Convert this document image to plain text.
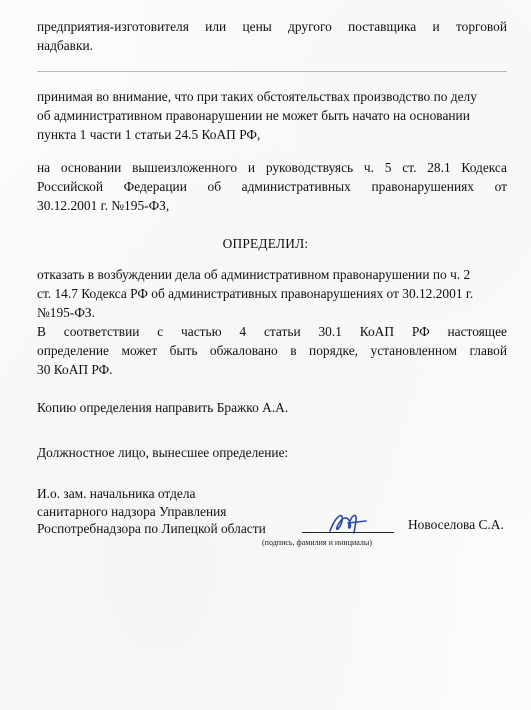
предприятия-изготовителя или цены другого поставщика и торговой
надбавки.

принимая во внимание, что при таких обстоятельствах производство по делу
об административном правонарушении не может быть начато на основании
пункта 1 части 1 статьи 24.5 КоАП РФ,

на основании вышеизложенного и руководствуясь ч. 5 ст. 28.1 Кодекса
Российской Федерации об административных правонарушениях от
30.12.2001 г. №195-ФЗ,

ОПРЕДЕЛИЛ:

отказать в возбуждении дела об административном правонарушении по ч. 2
ст. 14.7 Кодекса РФ об административных правонарушениях от 30.12.2001 г.
№195-ФЗ.

В соответствии с частью 4 статьи 30.1 КоАП РФ настоящее
определение может быть обжаловано в порядке, установленном главой
30 КоАП РФ.

Копию определения направить Бражко А.А.

Должностное лицо, вынесшее определение:

И.о. зам. начальника отдела
санитарного надзора Управления
Роспотребнадзора по Липецкой области
(подпись, фамилия и инициалы)
Новоселова С.А.
